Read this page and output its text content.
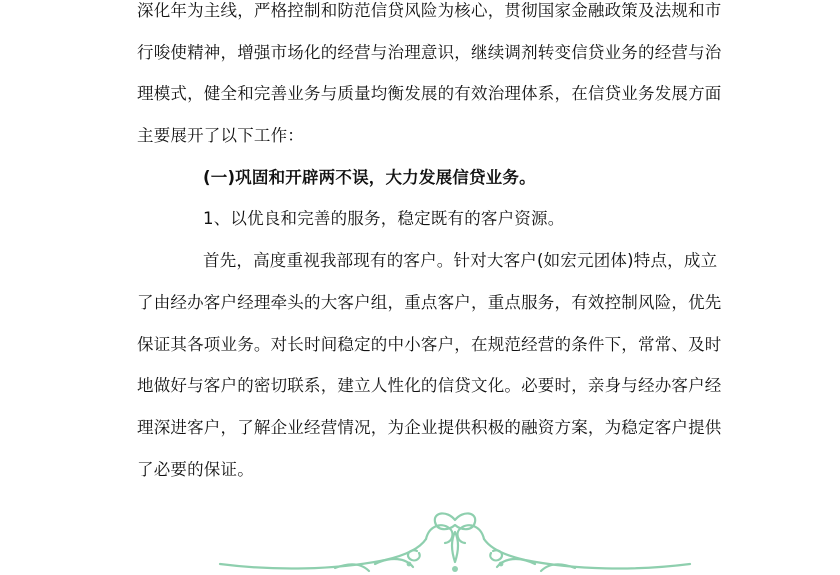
深化年为主线，严格控制和防范信贷风险为核心，贯彻国家金融政策及法规和市
行唆使精神，增强市场化的经营与治理意识，继续调剂转变信贷业务的经营与治
理模式，健全和完善业务与质量均衡发展的有效治理体系，在信贷业务发展方面
主要展开了以下工作：
(一)巩固和开辟两不误，大力发展信贷业务。
1、以优良和完善的服务，稳定既有的客户资源。
首先，高度重视我部现有的客户。针对大客户(如宏元团体)特点，成立
了由经办客户经理牵头的大客户组，重点客户，重点服务，有效控制风险，优先
保证其各项业务。对长时间稳定的中小客户，在规范经营的条件下，常常、及时
地做好与客户的密切联系，建立人性化的信贷文化。必要时，亲身与经办客户经
理深进客户，了解企业经营情况，为企业提供积极的融资方案，为稳定客户提供
了必要的保证。
